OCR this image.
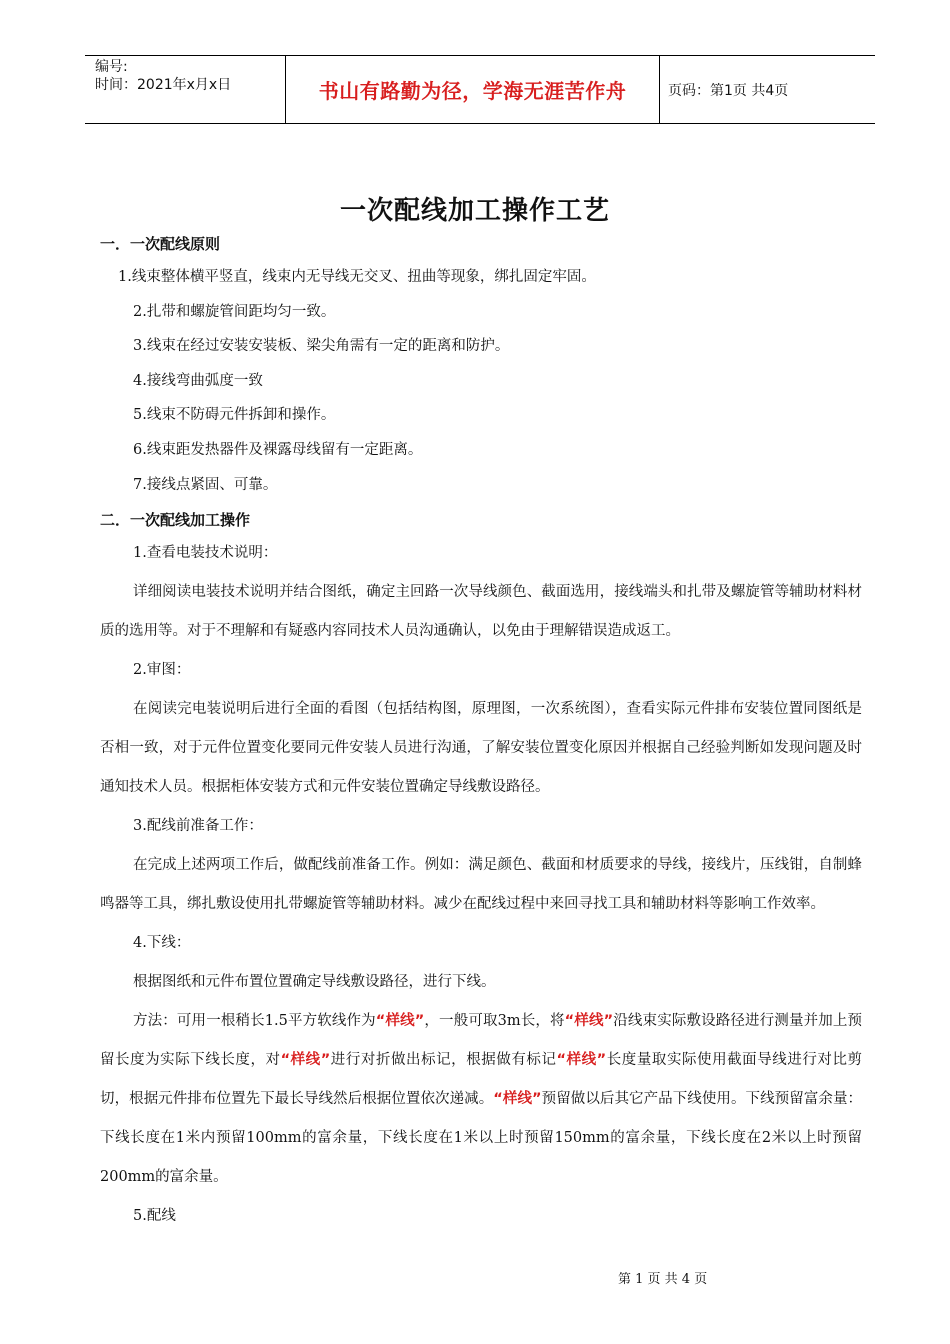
编号:
时间：2021年x月x日	书山有路勤为径，学海无涯苦作舟	页码：第1页 共4页
一次配线加工操作工艺
一．一次配线原则

1.线束整体横平竖直，线束内无导线无交叉、扭曲等现象，绑扎固定牢固。

2.扎带和螺旋管间距均匀一致。

3.线束在经过安装安装板、梁尖角需有一定的距离和防护。

4.接线弯曲弧度一致

5.线束不防碍元件拆卸和操作。

6.线束距发热器件及裸露母线留有一定距离。

7.接线点紧固、可靠。

二．一次配线加工操作

1.查看电装技术说明：

详细阅读电装技术说明并结合图纸，确定主回路一次导线颜色、截面选用，接线端头和扎带及螺旋管等辅助材料材质的选用等。对于不理解和有疑惑内容同技术人员沟通确认，以免由于理解错误造成返工。

2.审图：

在阅读完电装说明后进行全面的看图（包括结构图，原理图，一次系统图），查看实际元件排布安装位置同图纸是否相一致，对于元件位置变化要同元件安装人员进行沟通，了解安装位置变化原因并根据自己经验判断如发现问题及时通知技术人员。根据柜体安装方式和元件安装位置确定导线敷设路径。

3.配线前准备工作：

在完成上述两项工作后，做配线前准备工作。例如：满足颜色、截面和材质要求的导线，接线片，压线钳，自制蜂鸣器等工具，绑扎敷设使用扎带螺旋管等辅助材料。减少在配线过程中来回寻找工具和辅助材料等影响工作效率。

4.下线：

根据图纸和元件布置位置确定导线敷设路径，进行下线。

方法：可用一根稍长1.5平方软线作为“样线”，一般可取3m长，将“样线”沿线束实际敷设路径进行测量并加上预留长度为实际下线长度，对“样线”进行对折做出标记，根据做有标记“样线”长度量取实际使用截面导线进行对比剪切，根据元件排布位置先下最长导线然后根据位置依次递减。“样线”预留做以后其它产品下线使用。下线预留富余量：下线长度在1米内预留100mm的富余量，下线长度在1米以上时预留150mm的富余量，下线长度在2米以上时预留200mm的富余量。

5.配线

第 1 页 共 4 页
